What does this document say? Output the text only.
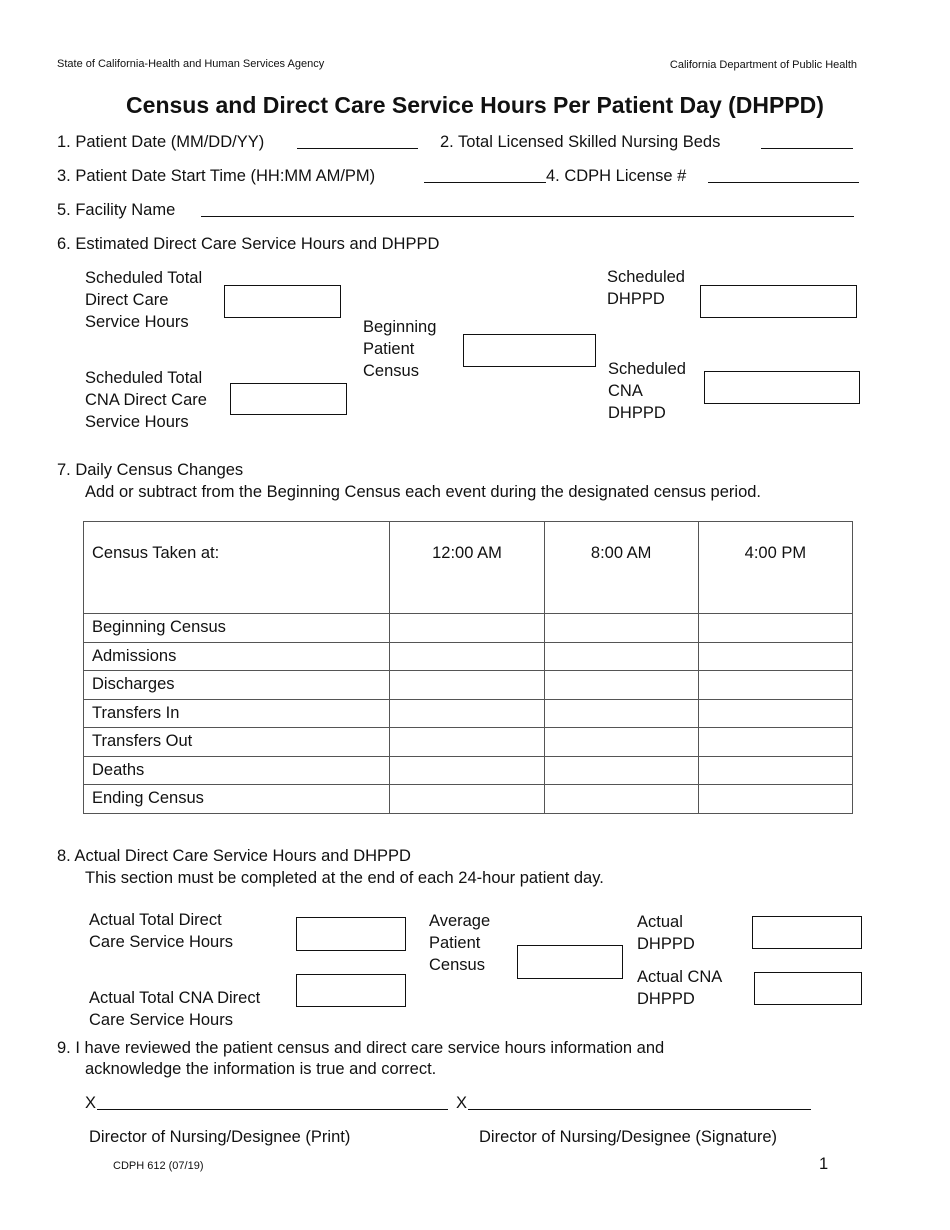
State of California-Health and Human Services Agency	California Department of Public Health
Census and Direct Care Service Hours Per Patient Day (DHPPD)
1. Patient Date (MM/DD/YY)	2. Total Licensed Skilled Nursing Beds
3. Patient Date Start Time (HH:MM AM/PM)	4. CDPH License #
5. Facility Name
6. Estimated Direct Care Service Hours and DHPPD
Scheduled Total
Direct Care
Service Hours	Beginning
Patient
Census
Scheduled
DHPPD
Scheduled Total
CNA Direct Care
Service Hours
Scheduled
CNA
DHPPD
7. Daily Census Changes
Add or subtract from the Beginning Census each event during the designated census period.
Census Taken at:	12:00 AM	8:00 AM	4:00 PM
Beginning Census			
Admissions			
Discharges			
Transfers In			
Transfers Out			
Deaths			
Ending Census			
8. Actual Direct Care Service Hours and DHPPD
This section must be completed at the end of each 24-hour patient day.
Actual Total Direct
Care Service Hours
Average
Patient
Census
Actual
DHPPD
Actual Total CNA Direct
Care Service Hours
Actual CNA
DHPPD
9. I have reviewed the patient census and direct care service hours information and
acknowledge the information is true and correct.
X	X
Director of Nursing/Designee (Print)	Director of Nursing/Designee (Signature)
CDPH 612 (07/19)	1
